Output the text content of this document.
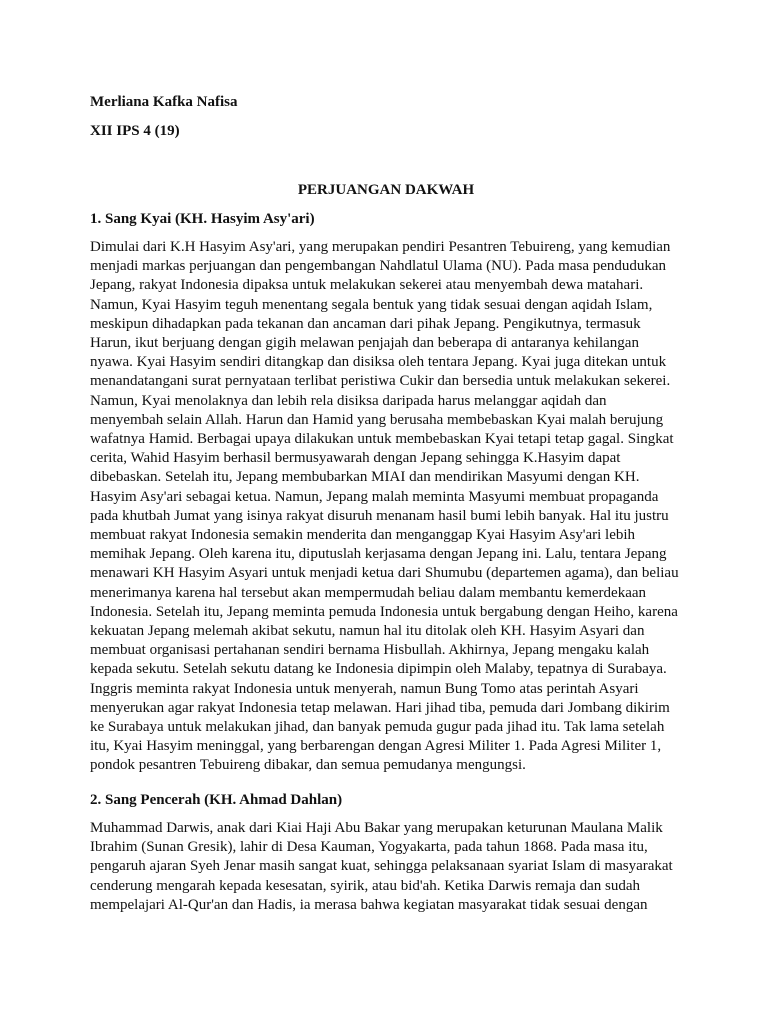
Merliana Kafka Nafisa

XII IPS 4 (19)

PERJUANGAN DAKWAH
1. Sang Kyai (KH. Hasyim Asy'ari)

Dimulai dari K.H Hasyim Asy'ari, yang merupakan pendiri Pesantren Tebuireng, yang kemudian menjadi markas perjuangan dan pengembangan Nahdlatul Ulama (NU). Pada masa pendudukan Jepang, rakyat Indonesia dipaksa untuk melakukan sekerei atau menyembah dewa matahari. Namun, Kyai Hasyim teguh menentang segala bentuk yang tidak sesuai dengan aqidah Islam, meskipun dihadapkan pada tekanan dan ancaman dari pihak Jepang. Pengikutnya, termasuk Harun, ikut berjuang dengan gigih melawan penjajah dan beberapa di antaranya kehilangan nyawa. Kyai Hasyim sendiri ditangkap dan disiksa oleh tentara Jepang. Kyai juga ditekan untuk menandatangani surat pernyataan terlibat peristiwa Cukir dan bersedia untuk melakukan sekerei. Namun, Kyai menolaknya dan lebih rela disiksa daripada harus melanggar aqidah dan menyembah selain Allah. Harun dan Hamid yang berusaha membebaskan Kyai malah berujung wafatnya Hamid. Berbagai upaya dilakukan untuk membebaskan Kyai tetapi tetap gagal. Singkat cerita, Wahid Hasyim berhasil bermusyawarah dengan Jepang sehingga K.Hasyim dapat dibebaskan. Setelah itu, Jepang membubarkan MIAI dan mendirikan Masyumi dengan KH. Hasyim Asy'ari sebagai ketua. Namun, Jepang malah meminta Masyumi membuat propaganda pada khutbah Jumat yang isinya rakyat disuruh menanam hasil bumi lebih banyak. Hal itu justru membuat rakyat Indonesia semakin menderita dan menganggap Kyai Hasyim Asy'ari lebih memihak Jepang. Oleh karena itu, diputuslah kerjasama dengan Jepang ini. Lalu, tentara Jepang menawari KH Hasyim Asyari untuk menjadi ketua dari Shumubu (departemen agama), dan beliau menerimanya karena hal tersebut akan mempermudah beliau dalam membantu kemerdekaan Indonesia. Setelah itu, Jepang meminta pemuda Indonesia untuk bergabung dengan Heiho, karena kekuatan Jepang melemah akibat sekutu, namun hal itu ditolak oleh KH. Hasyim Asyari dan membuat organisasi pertahanan sendiri bernama Hisbullah. Akhirnya, Jepang mengaku kalah kepada sekutu. Setelah sekutu datang ke Indonesia dipimpin oleh Malaby, tepatnya di Surabaya. Inggris meminta rakyat Indonesia untuk menyerah, namun Bung Tomo atas perintah Asyari menyerukan agar rakyat Indonesia tetap melawan. Hari jihad tiba, pemuda dari Jombang dikirim ke Surabaya untuk melakukan jihad, dan banyak pemuda gugur pada jihad itu. Tak lama setelah itu, Kyai Hasyim meninggal, yang berbarengan dengan Agresi Militer 1. Pada Agresi Militer 1, pondok pesantren Tebuireng dibakar, dan semua pemudanya mengungsi.

2. Sang Pencerah (KH. Ahmad Dahlan)

Muhammad Darwis, anak dari Kiai Haji Abu Bakar yang merupakan keturunan Maulana Malik Ibrahim (Sunan Gresik), lahir di Desa Kauman, Yogyakarta, pada tahun 1868. Pada masa itu, pengaruh ajaran Syeh Jenar masih sangat kuat, sehingga pelaksanaan syariat Islam di masyarakat cenderung mengarah kepada kesesatan, syirik, atau bid'ah. Ketika Darwis remaja dan sudah mempelajari Al-Qur'an dan Hadis, ia merasa bahwa kegiatan masyarakat tidak sesuai dengan
